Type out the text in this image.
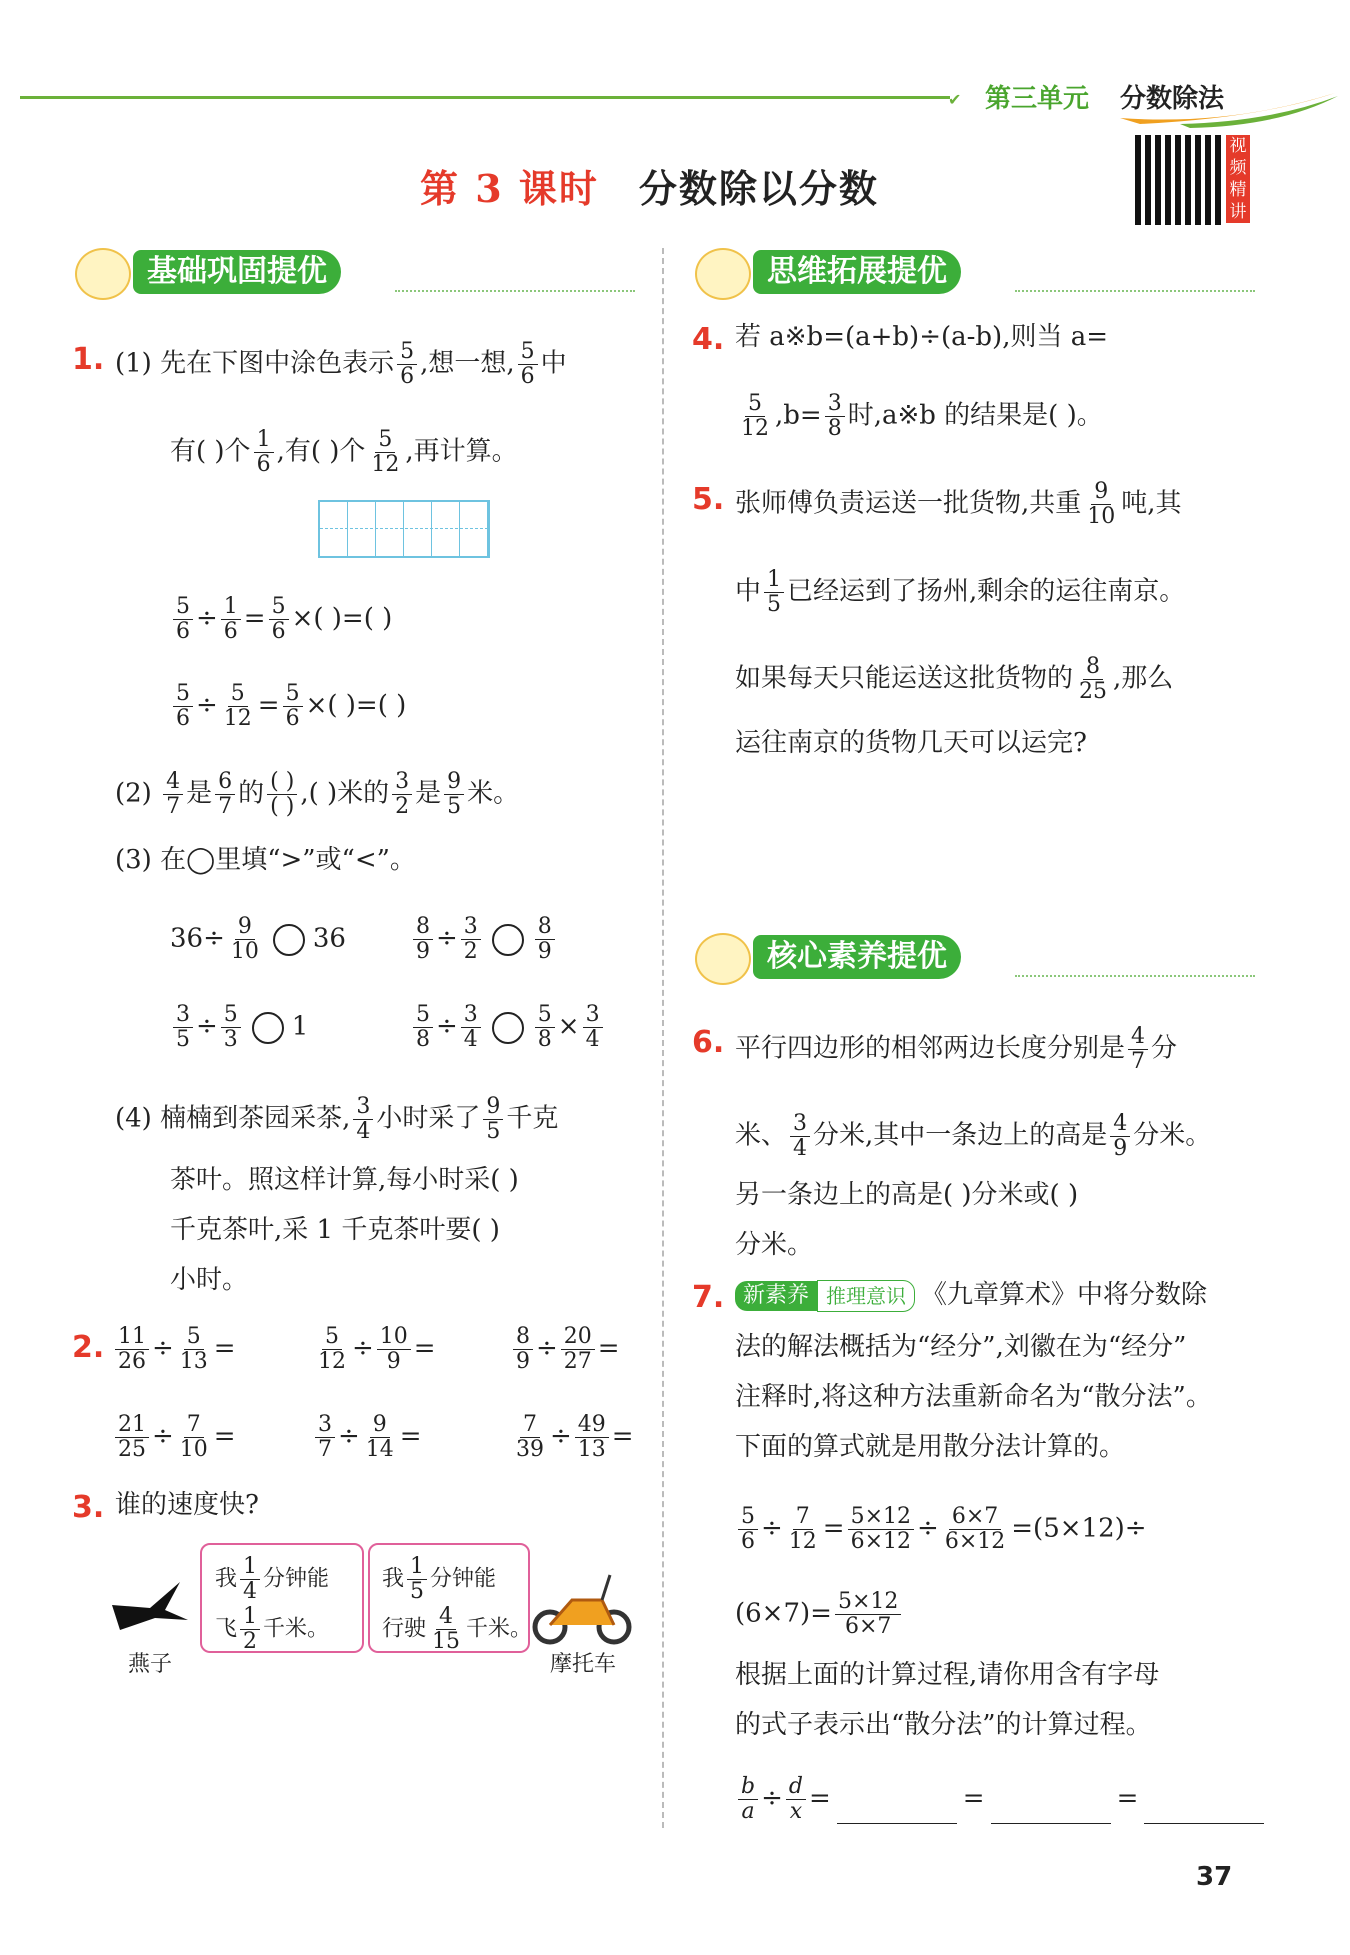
✔ 第三单元 分数除法
第 3 课时 分数除以分数
视频精讲
基础巩固提优	思维拓展提优
核心素养提优
1. (1) 先在下图中涂色表示 $\frac{5}{6}$ ,想一想, $\frac{5}{6}$ 中
有( )个 $\frac{1}{6}$ ,有( )个 $\frac{5}{12}$ ,再计算。
$\frac{5}{6} \div \frac{1}{6} = \frac{5}{6}$ ×( )=( )
$\frac{5}{6} \div \frac{5}{12} = \frac{5}{6}$ ×( )=( )
$(2) \frac{4}{7}$ 是 $\frac{6}{7}$ 的 $\frac{( )}{( )}$ ,( )米的 $\frac{3}{2}$ 是 $\frac{9}{5}$ 米。
(3) 在◯里填“>”或“<”。
$36\div \frac{9}{10} 36$	$\frac{8}{9} \div \frac{3}{2} \frac{8}{9}$
$\frac{3}{5} \div \frac{5}{3} 1$	$\frac{5}{8} \div \frac{3}{4} \frac{5}{8} \times \frac{3}{4}$
(4) 楠楠到茶园采茶, $\frac{3}{4}$ 小时采了 $\frac{9}{5}$ 千克
茶叶。照这样计算,每小时采( )
千克茶叶,采 1 千克茶叶要( )
小时。
2. $\frac{11}{26} \div \frac{5}{13}$ =	$\frac{5}{12} \div \frac{10}{9}$ =	$\frac{8}{9} \div \frac{20}{27}$ =
$\frac{21}{25} \div \frac{7}{10}$ =	$\frac{3}{7} \div \frac{9}{14}$ =	$\frac{7}{39} \div \frac{49}{13}$ =
3. 谁的速度快?
燕子
我 $\frac{1}{4}$ 分钟能
飞 $\frac{1}{2}$ 千米。
我 $\frac{1}{5}$ 分钟能
行驶 $\frac{4}{15}$ 千米。
摩托车
4. 若 a※b=(a+b)÷(a-b),则当 a=
$\frac{5}{12} ,b= \frac{3}{8}$ 时,a※b 的结果是( )。
5. 张师傅负责运送一批货物,共重 $\frac{9}{10}$ 吨,其
中 $\frac{1}{5}$ 已经运到了扬州,剩余的运往南京。
如果每天只能运送这批货物的 $\frac{8}{25}$ ,那么
运往南京的货物几天可以运完?
6. 平行四边形的相邻两边长度分别是 $\frac{4}{7}$ 分
米、 $\frac{3}{4}$ 分米,其中一条边上的高是 $\frac{4}{9}$ 分米。
另一条边上的高是( )分米或( )
分米。
7. 新素养 推理意识 《九章算术》中将分数除
法的解法概括为“经分”,刘徽在为“经分”
注释时,将这种方法重新命名为“散分法”。
下面的算式就是用散分法计算的。
$\frac{5}{6} \div \frac{7}{12} = \frac{5\times 12}{6\times 12} \div \frac{6\times 7}{6\times 12} =(5\times 12)\div$
$(6\times 7)= \frac{5\times 12}{6\times 7}$
根据上面的计算过程,请你用含有字母
的式子表示出“散分法”的计算过程。
$\frac{b}{a} \div \frac{d}{x}$ =	=	=
37
